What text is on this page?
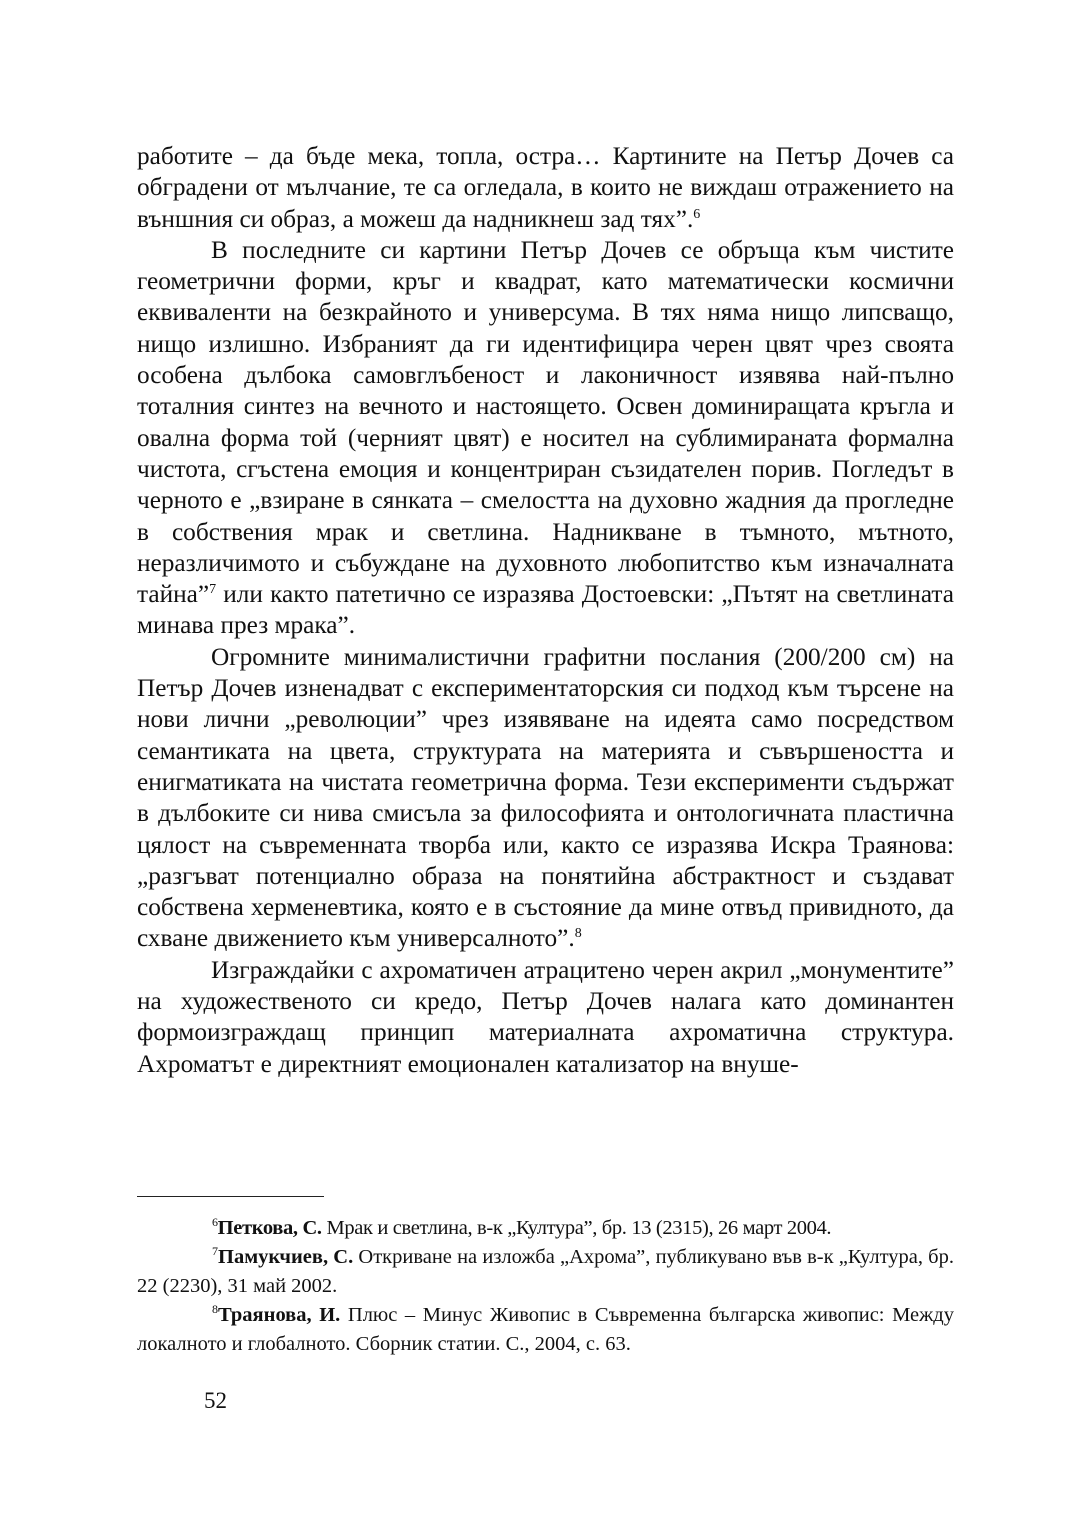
работите – да бъде мека, топла, остра… Картините на Петър Дочев са обградени от мълчание, те са огледала, в които не виждаш отражението на външния си образ, а можеш да надникнеш зад тях”.$^6$

В последните си картини Петър Дочев се обръща към чистите геометрични форми, кръг и квадрат, като математически космични еквиваленти на безкрайното и универсума. В тях няма нищо липсващо, нищо излишно. Избраният да ги идентифицира черен цвят чрез своята особена дълбока самовглъбеност и лаконичност изявява най-пълно тоталния синтез на вечното и настоящето. Освен доминиращата кръгла и овална форма той (черният цвят) е носител на сублимираната формална чистота, сгъстена емоция и концентриран съзидателен порив. Погледът в черното е „взиране в сянката – смелостта на духовно жадния да прогледне в собствения мрак и светлина. Надникване в тъмното, мътното, неразличимото и събуждане на духовното любопитство към изначалната тайна”$^7$ или както патетично се изразява Достоевски: „Пътят на светлината минава през мрака”.

Огромните минималистични графитни послания (200/200 см) на Петър Дочев изненадват с експериментаторския си подход към търсене на нови лични „революции” чрез изявяване на идеята само посредством семантиката на цвета, структурата на материята и съвършеността и енигматиката на чистата геометрична форма. Тези експерименти съдържат в дълбоките си нива смисъла за философията и онтологичната пластична цялост на съвременната творба или, както се изразява Искра Траянова: „разгъват потенциално образа на понятийна абстрактност и създават собствена херменевтика, която е в състояние да мине отвъд привидното, да схване движението към универсалното”.$^8$

Изграждайки с ахроматичен атрацитено черен акрил „монументите” на художественото си кредо, Петър Дочев налага като доминантен формоизграждащ принцип материалната ахроматична структура. Ахроматът е директният емоционален катализатор на внуше-

$^6$Петкова, С. Мрак и светлина, в-к „Култура”, бр. 13 (2315), 26 март 2004.

$^7$Памукчиев, С. Откриване на изложба „Ахрома”, публикувано във в-к „Култура, бр. 22 (2230), 31 май 2002.

$^8$Траянова, И. Плюс – Минус Живопис в Съвременна българска живопис: Между локалното и глобалното. Сборник статии. С., 2004, с. 63.

52
